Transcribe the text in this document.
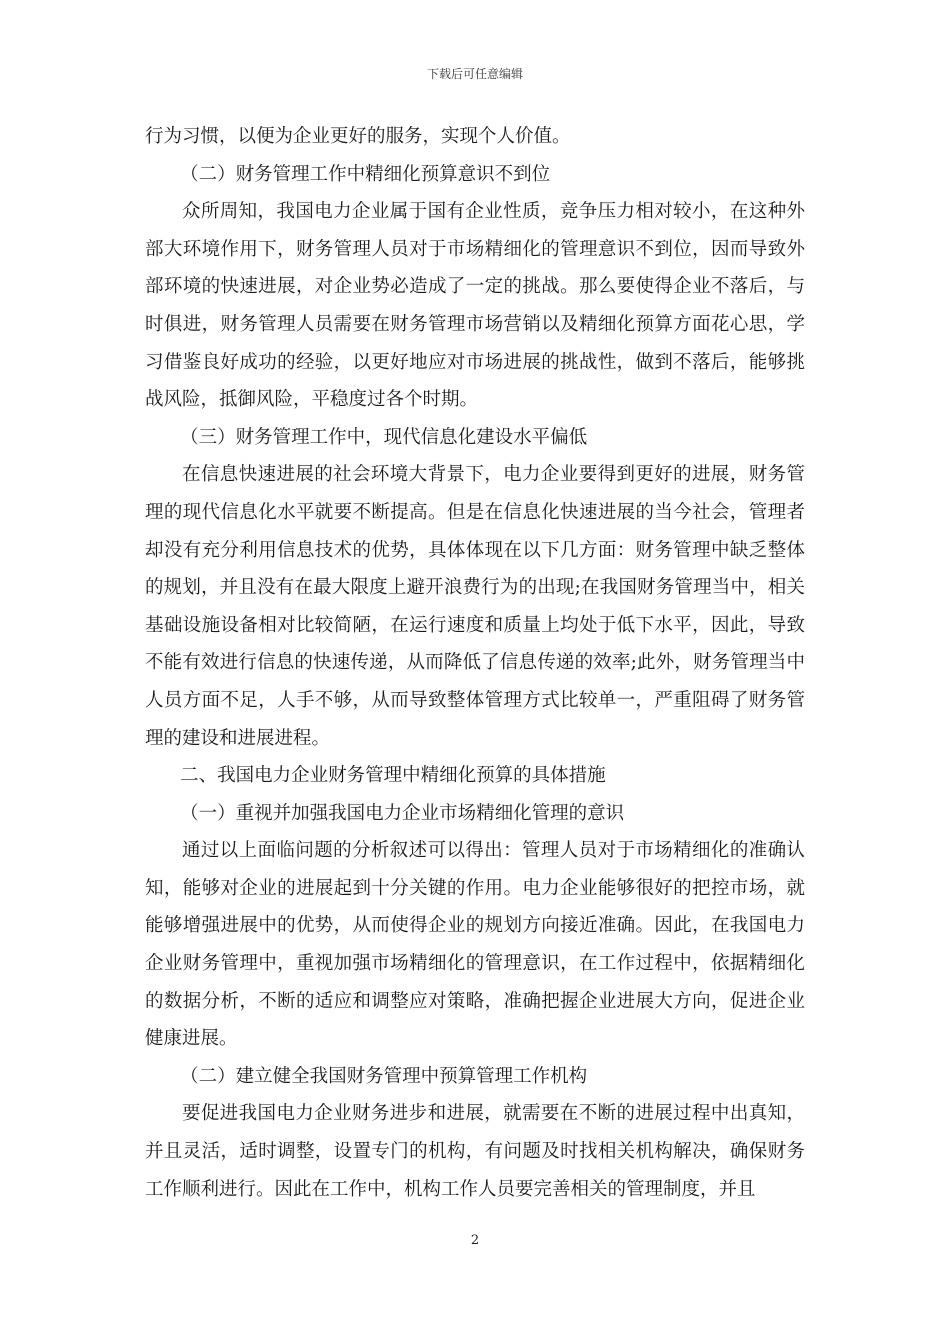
下载后可任意编辑

行为习惯，以便为企业更好的服务，实现个人价值。

（二）财务管理工作中精细化预算意识不到位

众所周知，我国电力企业属于国有企业性质，竞争压力相对较小，在这种外部大环境作用下，财务管理人员对于市场精细化的管理意识不到位，因而导致外部环境的快速进展，对企业势必造成了一定的挑战。那么要使得企业不落后，与时俱进，财务管理人员需要在财务管理市场营销以及精细化预算方面花心思，学习借鉴良好成功的经验，以更好地应对市场进展的挑战性，做到不落后，能够挑战风险，抵御风险，平稳度过各个时期。

（三）财务管理工作中，现代信息化建设水平偏低

在信息快速进展的社会环境大背景下，电力企业要得到更好的进展，财务管理的现代信息化水平就要不断提高。但是在信息化快速进展的当今社会，管理者却没有充分利用信息技术的优势，具体体现在以下几方面：财务管理中缺乏整体的规划，并且没有在最大限度上避开浪费行为的出现;在我国财务管理当中，相关基础设施设备相对比较简陋，在运行速度和质量上均处于低下水平，因此，导致不能有效进行信息的快速传递，从而降低了信息传递的效率;此外，财务管理当中人员方面不足，人手不够，从而导致整体管理方式比较单一，严重阻碍了财务管理的建设和进展进程。

二、我国电力企业财务管理中精细化预算的具体措施

（一）重视并加强我国电力企业市场精细化管理的意识

通过以上面临问题的分析叙述可以得出：管理人员对于市场精细化的准确认知，能够对企业的进展起到十分关键的作用。电力企业能够很好的把控市场，就能够增强进展中的优势，从而使得企业的规划方向接近准确。因此，在我国电力企业财务管理中，重视加强市场精细化的管理意识，在工作过程中，依据精细化的数据分析，不断的适应和调整应对策略，准确把握企业进展大方向，促进企业健康进展。

（二）建立健全我国财务管理中预算管理工作机构

要促进我国电力企业财务进步和进展，就需要在不断的进展过程中出真知，并且灵活，适时调整，设置专门的机构，有问题及时找相关机构解决，确保财务工作顺利进行。因此在工作中，机构工作人员要完善相关的管理制度，并且

2
